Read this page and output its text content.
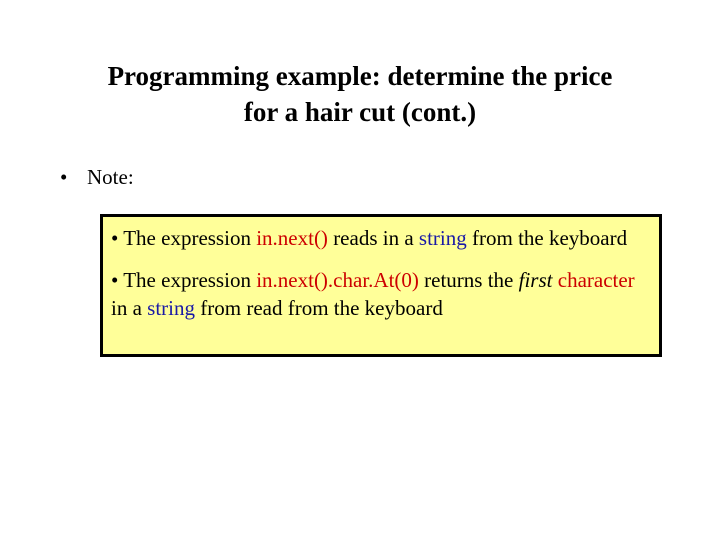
Programming example: determine the price
for a hair cut (cont.)
• Note:

• The expression in.next() reads in a string from the keyboard

• The expression in.next().char.At(0) returns the first character in a string from read from the keyboard
